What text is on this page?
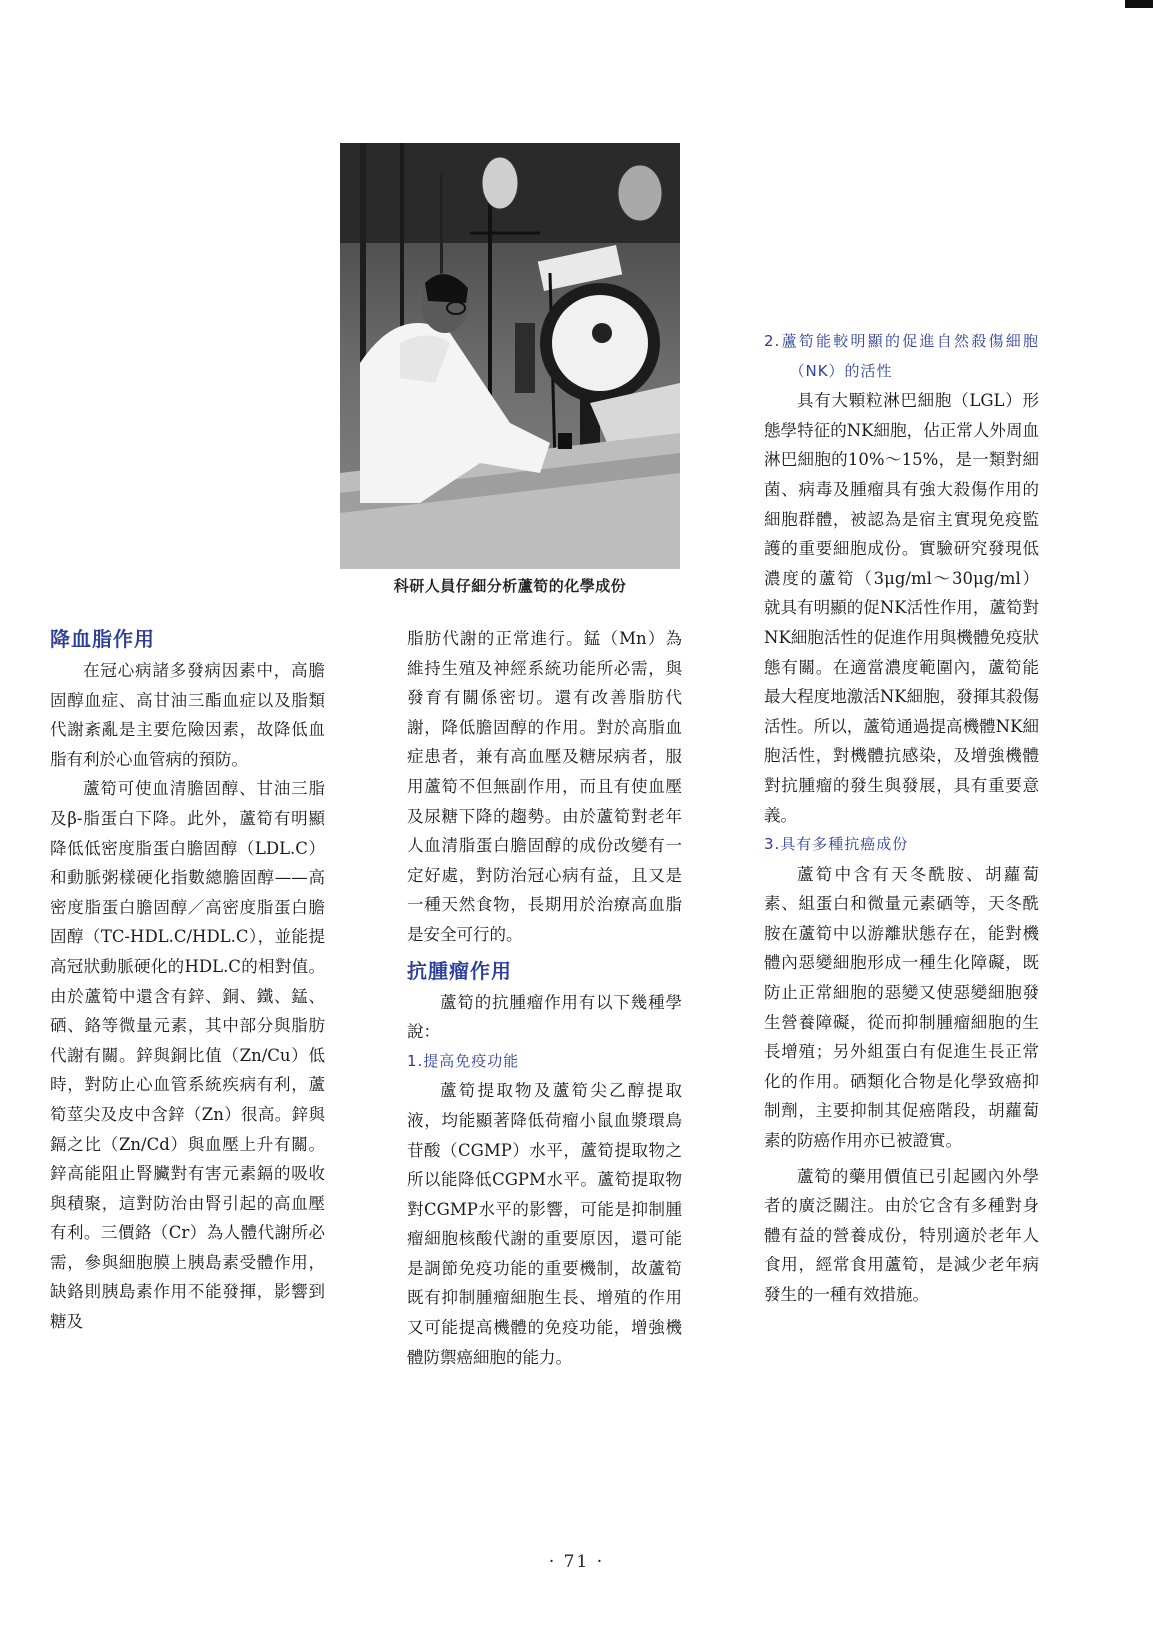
科研人員仔細分析蘆筍的化學成份
降血脂作用

在冠心病諸多發病因素中，高膽固醇血症、高甘油三酯血症以及脂類代謝紊亂是主要危險因素，故降低血脂有利於心血管病的預防。

蘆筍可使血清膽固醇、甘油三脂及β-脂蛋白下降。此外，蘆筍有明顯降低低密度脂蛋白膽固醇（LDL.C）和動脈粥樣硬化指數總膽固醇——高密度脂蛋白膽固醇／高密度脂蛋白膽固醇（TC-HDL.C/HDL.C），並能提高冠狀動脈硬化的HDL.C的相對值。由於蘆筍中還含有鋅、銅、鐵、錳、硒、鉻等微量元素，其中部分與脂肪代謝有關。鋅與銅比值（Zn/Cu）低時，對防止心血管系統疾病有利，蘆筍莖尖及皮中含鋅（Zn）很高。鋅與鎘之比（Zn/Cd）與血壓上升有關。鋅高能阻止腎臟對有害元素鎘的吸收與積聚，這對防治由腎引起的高血壓有利。三價鉻（Cr）為人體代謝所必需，參與細胞膜上胰島素受體作用，缺鉻則胰島素作用不能發揮，影響到糖及

脂肪代謝的正常進行。錳（Mn）為維持生殖及神經系統功能所必需，與發育有關係密切。還有改善脂肪代謝，降低膽固醇的作用。對於高脂血症患者，兼有高血壓及糖尿病者，服用蘆筍不但無副作用，而且有使血壓及尿糖下降的趨勢。由於蘆筍對老年人血清脂蛋白膽固醇的成份改變有一定好處，對防治冠心病有益，且又是一種天然食物，長期用於治療高血脂是安全可行的。

抗腫瘤作用

蘆筍的抗腫瘤作用有以下幾種學說：

1.提高免疫功能

蘆筍提取物及蘆筍尖乙醇提取液，均能顯著降低荷瘤小鼠血漿環鳥苷酸（CGMP）水平，蘆筍提取物之所以能降低CGPM水平。蘆筍提取物對CGMP水平的影響，可能是抑制腫瘤細胞核酸代謝的重要原因，還可能是調節免疫功能的重要機制，故蘆筍既有抑制腫瘤細胞生長、增殖的作用又可能提高機體的免疫功能，增強機體防禦癌細胞的能力。

2.蘆筍能較明顯的促進自然殺傷細胞（NK）的活性

具有大顆粒淋巴細胞（LGL）形態學特征的NK細胞，佔正常人外周血淋巴細胞的10%～15%，是一類對細菌、病毒及腫瘤具有強大殺傷作用的細胞群體，被認為是宿主實現免疫監護的重要細胞成份。實驗研究發現低濃度的蘆筍（3μg/ml～30μg/ml）就具有明顯的促NK活性作用，蘆筍對NK細胞活性的促進作用與機體免疫狀態有關。在適當濃度範圍內，蘆筍能最大程度地激活NK細胞，發揮其殺傷活性。所以，蘆筍通過提高機體NK細胞活性，對機體抗感染，及增強機體對抗腫瘤的發生與發展，具有重要意義。

3.具有多種抗癌成份

蘆筍中含有天冬酰胺、胡蘿蔔素、組蛋白和微量元素硒等，天冬酰胺在蘆筍中以游離狀態存在，能對機體內惡變細胞形成一種生化障礙，既防止正常細胞的惡變又使惡變細胞發生營養障礙，從而抑制腫瘤細胞的生長增殖；另外組蛋白有促進生長正常化的作用。硒類化合物是化學致癌抑制劑，主要抑制其促癌階段，胡蘿蔔素的防癌作用亦已被證實。

蘆筍的藥用價值已引起國內外學者的廣泛關注。由於它含有多種對身體有益的營養成份，特別適於老年人食用，經常食用蘆筍，是減少老年病發生的一種有效措施。

· 71 ·
